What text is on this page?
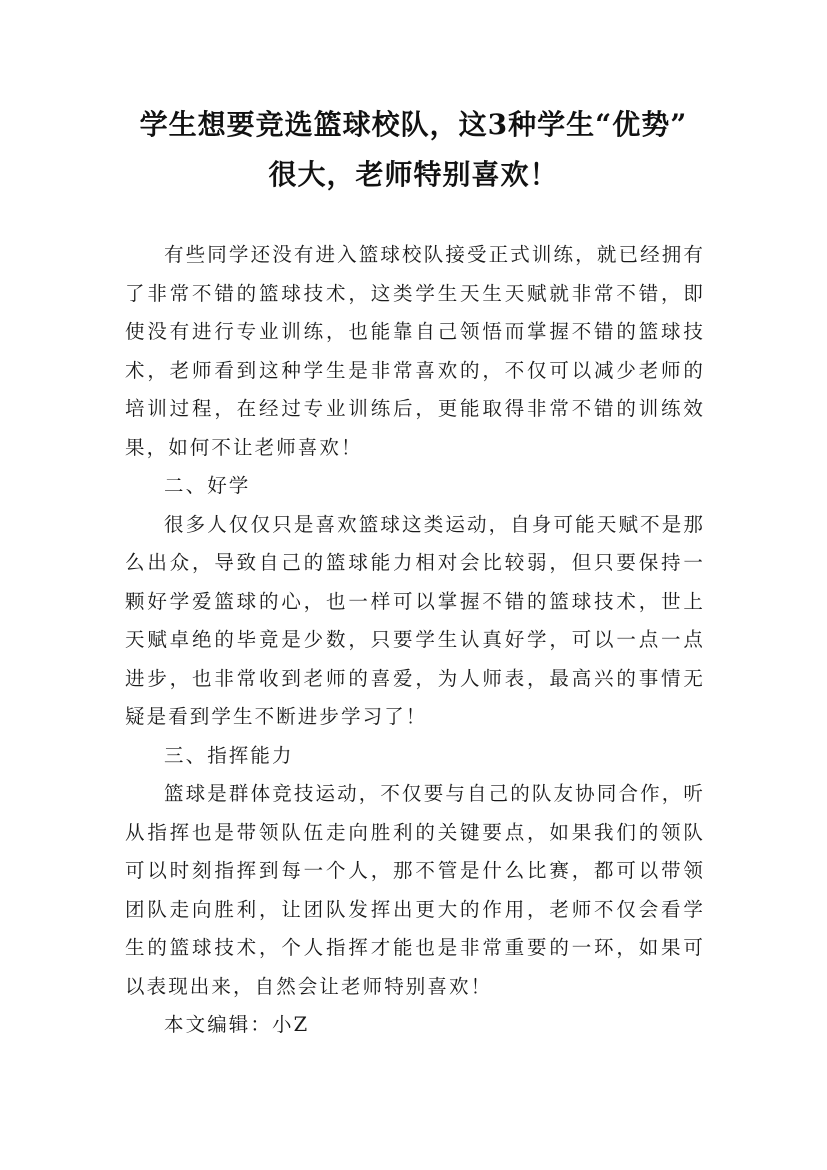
学生想要竞选篮球校队，这3种学生“优势”
很大，老师特别喜欢！

有些同学还没有进入篮球校队接受正式训练，就已经拥有了非常不错的篮球技术，这类学生天生天赋就非常不错，即使没有进行专业训练，也能靠自己领悟而掌握不错的篮球技术，老师看到这种学生是非常喜欢的，不仅可以减少老师的培训过程，在经过专业训练后，更能取得非常不错的训练效果，如何不让老师喜欢！

二、好学

很多人仅仅只是喜欢篮球这类运动，自身可能天赋不是那么出众，导致自己的篮球能力相对会比较弱，但只要保持一颗好学爱篮球的心，也一样可以掌握不错的篮球技术，世上天赋卓绝的毕竟是少数，只要学生认真好学，可以一点一点进步，也非常收到老师的喜爱，为人师表，最高兴的事情无疑是看到学生不断进步学习了！

三、指挥能力

篮球是群体竞技运动，不仅要与自己的队友协同合作，听从指挥也是带领队伍走向胜利的关键要点，如果我们的领队可以时刻指挥到每一个人，那不管是什么比赛，都可以带领团队走向胜利，让团队发挥出更大的作用，老师不仅会看学生的篮球技术，个人指挥才能也是非常重要的一环，如果可以表现出来，自然会让老师特别喜欢！

本文编辑：小Z
